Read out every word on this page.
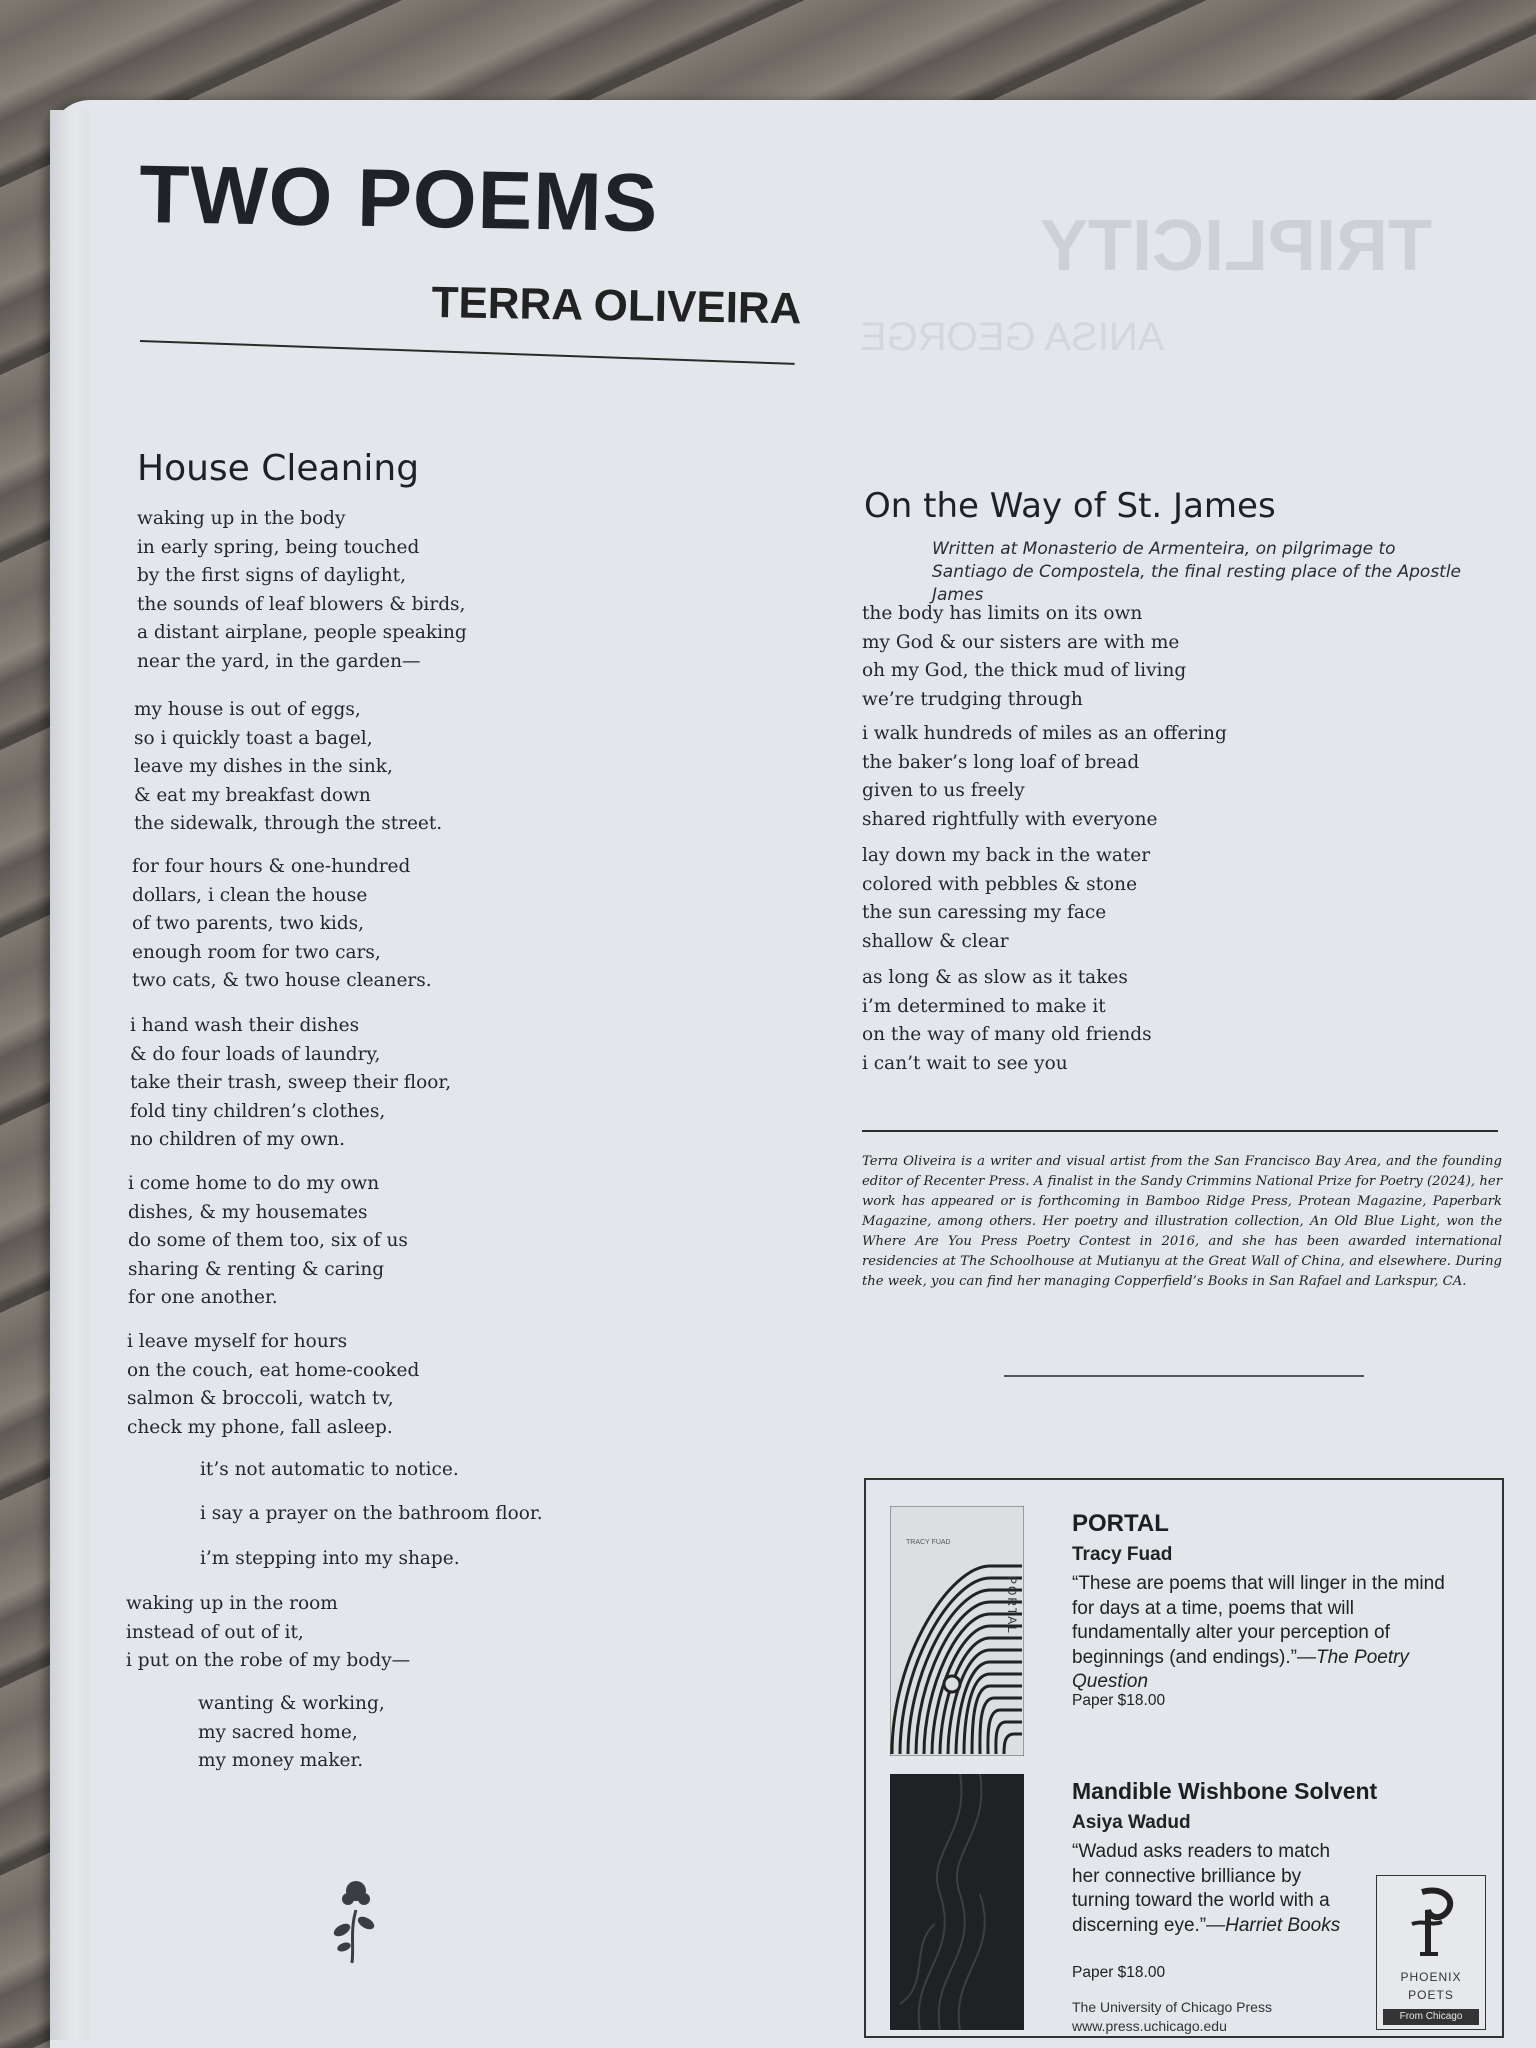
TRIPLICITY
ANISA GEORGE
TWO POEMS
TERRA OLIVEIRA
House Cleaning
waking up in the body
in early spring, being touched
by the first signs of daylight,
the sounds of leaf blowers & birds,
a distant airplane, people speaking
near the yard, in the garden—
my house is out of eggs,
so i quickly toast a bagel,
leave my dishes in the sink,
& eat my breakfast down
the sidewalk, through the street.
for four hours & one-hundred
dollars, i clean the house
of two parents, two kids,
enough room for two cars,
two cats, & two house cleaners.
i hand wash their dishes
& do four loads of laundry,
take their trash, sweep their floor,
fold tiny children’s clothes,
no children of my own.
i come home to do my own
dishes, & my housemates
do some of them too, six of us
sharing & renting & caring
for one another.
i leave myself for hours
on the couch, eat home-cooked
salmon & broccoli, watch tv,
check my phone, fall asleep.
it’s not automatic to notice.
i say a prayer on the bathroom floor.
i’m stepping into my shape.
waking up in the room
instead of out of it,
i put on the robe of my body—
wanting & working,
my sacred home,
my money maker.
On the Way of St. James
Written at Monasterio de Armenteira, on pilgrimage to Santiago de Compostela, the final resting place of the Apostle James
the body has limits on its own
my God & our sisters are with me
oh my God, the thick mud of living
we’re trudging through
i walk hundreds of miles as an offering
the baker’s long loaf of bread
given to us freely
shared rightfully with everyone
lay down my back in the water
colored with pebbles & stone
the sun caressing my face
shallow & clear
as long & as slow as it takes
i’m determined to make it
on the way of many old friends
i can’t wait to see you
Terra Oliveira is a writer and visual artist from the San Francisco Bay Area, and the founding editor of Recenter Press. A finalist in the Sandy Crimmins National Prize for Poetry (2024), her work has appeared or is forthcoming in Bamboo Ridge Press, Protean Magazine, Paperbark Magazine, among others. Her poetry and illustration collection, An Old Blue Light, won the Where Are You Press Poetry Contest in 2016, and she has been awarded international residencies at The Schoolhouse at Mutianyu at the Great Wall of China, and elsewhere. During the week, you can find her managing Copperfield’s Books in San Rafael and Larkspur, CA.
TRACY FUAD
PORTAL
PORTAL
Tracy Fuad
“These are poems that will linger in the mind for days at a time, poems that will fundamentally alter your perception of beginnings (and endings).”—The Poetry Question
Paper $18.00
Mandible Wishbone Solvent
Asiya Wadud
“Wadud asks readers to match her connective brilliance by turning toward the world with a discerning eye.”—Harriet Books
Paper $18.00
The University of Chicago Press
www.press.uchicago.edu
PHOENIX
POETS
From Chicago
